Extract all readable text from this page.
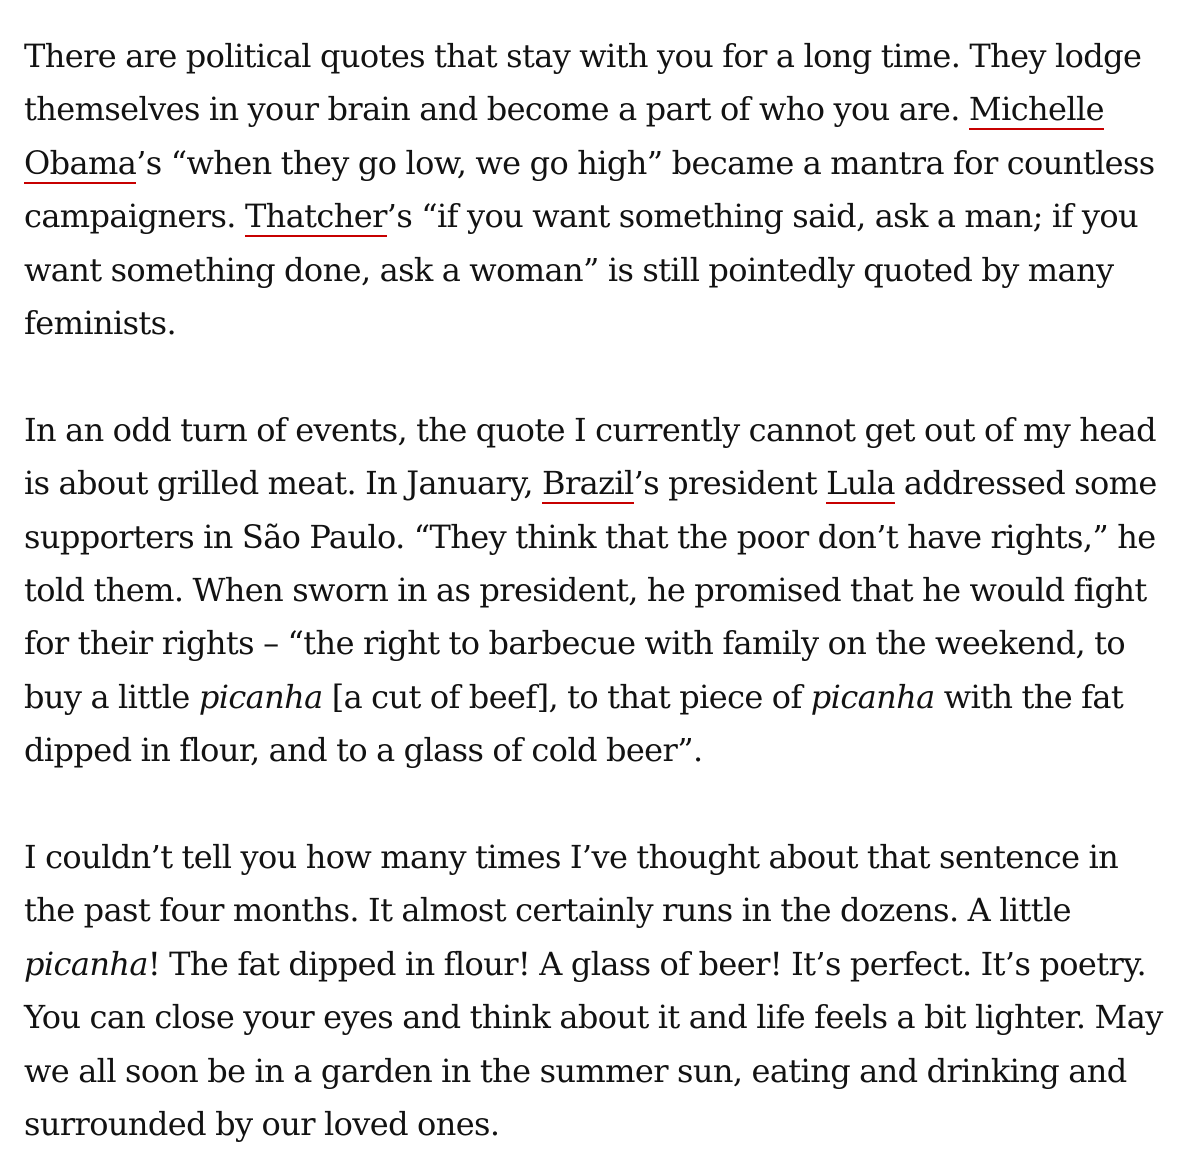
There are political quotes that stay with you for a long time. They lodge themselves in your brain and become a part of who you are. Michelle Obama’s “when they go low, we go high” became a mantra for countless campaigners. Thatcher’s “if you want something said, ask a man; if you want something done, ask a woman” is still pointedly quoted by many feminists.

In an odd turn of events, the quote I currently cannot get out of my head is about grilled meat. In January, Brazil’s president Lula addressed some supporters in São Paulo. “They think that the poor don’t have rights,” he told them. When sworn in as president, he promised that he would fight for their rights – “the right to barbecue with family on the weekend, to buy a little picanha [a cut of beef], to that piece of picanha with the fat dipped in flour, and to a glass of cold beer”.

I couldn’t tell you how many times I’ve thought about that sentence in the past four months. It almost certainly runs in the dozens. A little picanha! The fat dipped in flour! A glass of beer! It’s perfect. It’s poetry. You can close your eyes and think about it and life feels a bit lighter. May we all soon be in a garden in the summer sun, eating and drinking and surrounded by our loved ones.
